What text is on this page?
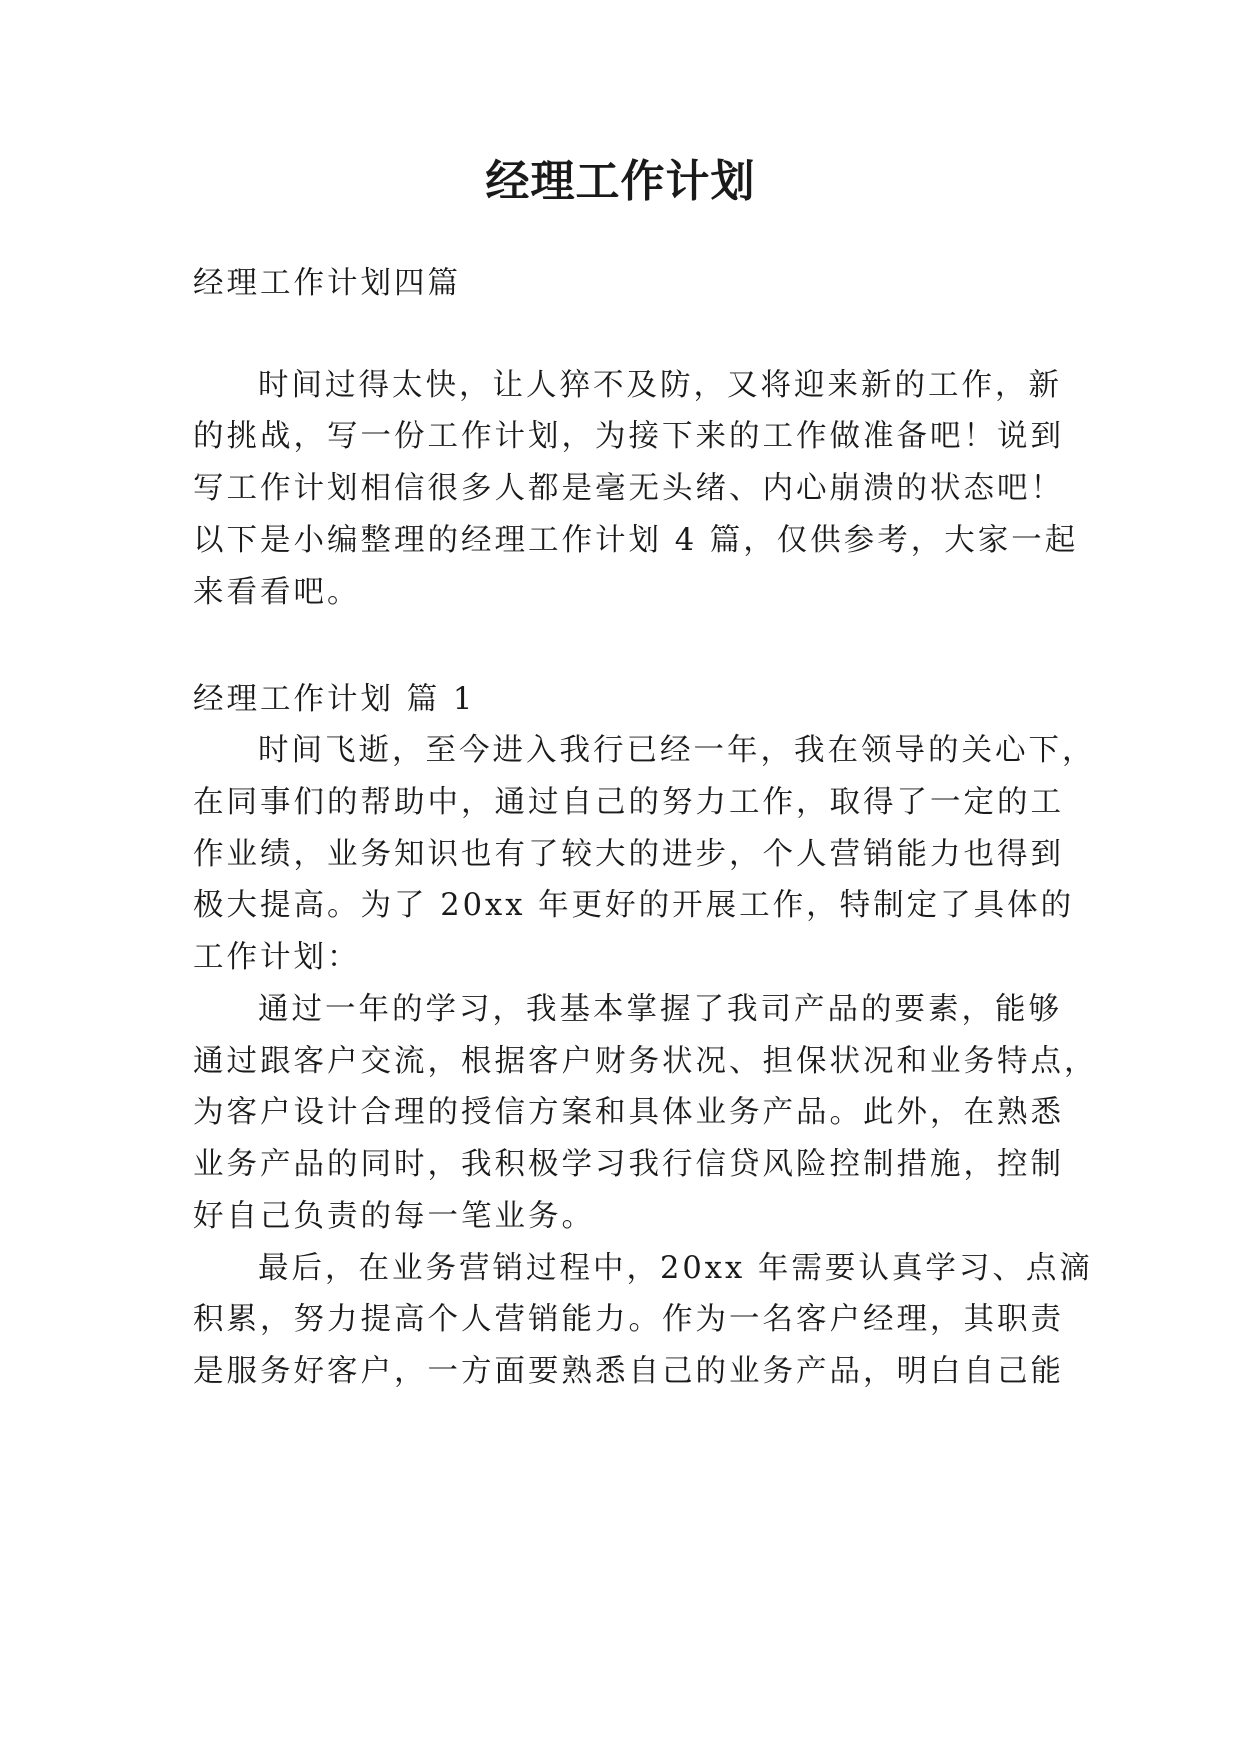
经理工作计划
经理工作计划四篇
时间过得太快，让人猝不及防，又将迎来新的工作，新
的挑战，写一份工作计划，为接下来的工作做准备吧！说到
写工作计划相信很多人都是毫无头绪、内心崩溃的状态吧！
以下是小编整理的经理工作计划 4 篇，仅供参考，大家一起
来看看吧。
经理工作计划 篇 1
时间飞逝，至今进入我行已经一年，我在领导的关心下，
在同事们的帮助中，通过自己的努力工作，取得了一定的工
作业绩，业务知识也有了较大的进步，个人营销能力也得到
极大提高。为了 20xx 年更好的开展工作，特制定了具体的
工作计划：
通过一年的学习，我基本掌握了我司产品的要素，能够
通过跟客户交流，根据客户财务状况、担保状况和业务特点，
为客户设计合理的授信方案和具体业务产品。此外，在熟悉
业务产品的同时，我积极学习我行信贷风险控制措施，控制
好自己负责的每一笔业务。
最后，在业务营销过程中，20xx 年需要认真学习、点滴
积累，努力提高个人营销能力。作为一名客户经理，其职责
是服务好客户，一方面要熟悉自己的业务产品，明白自己能
